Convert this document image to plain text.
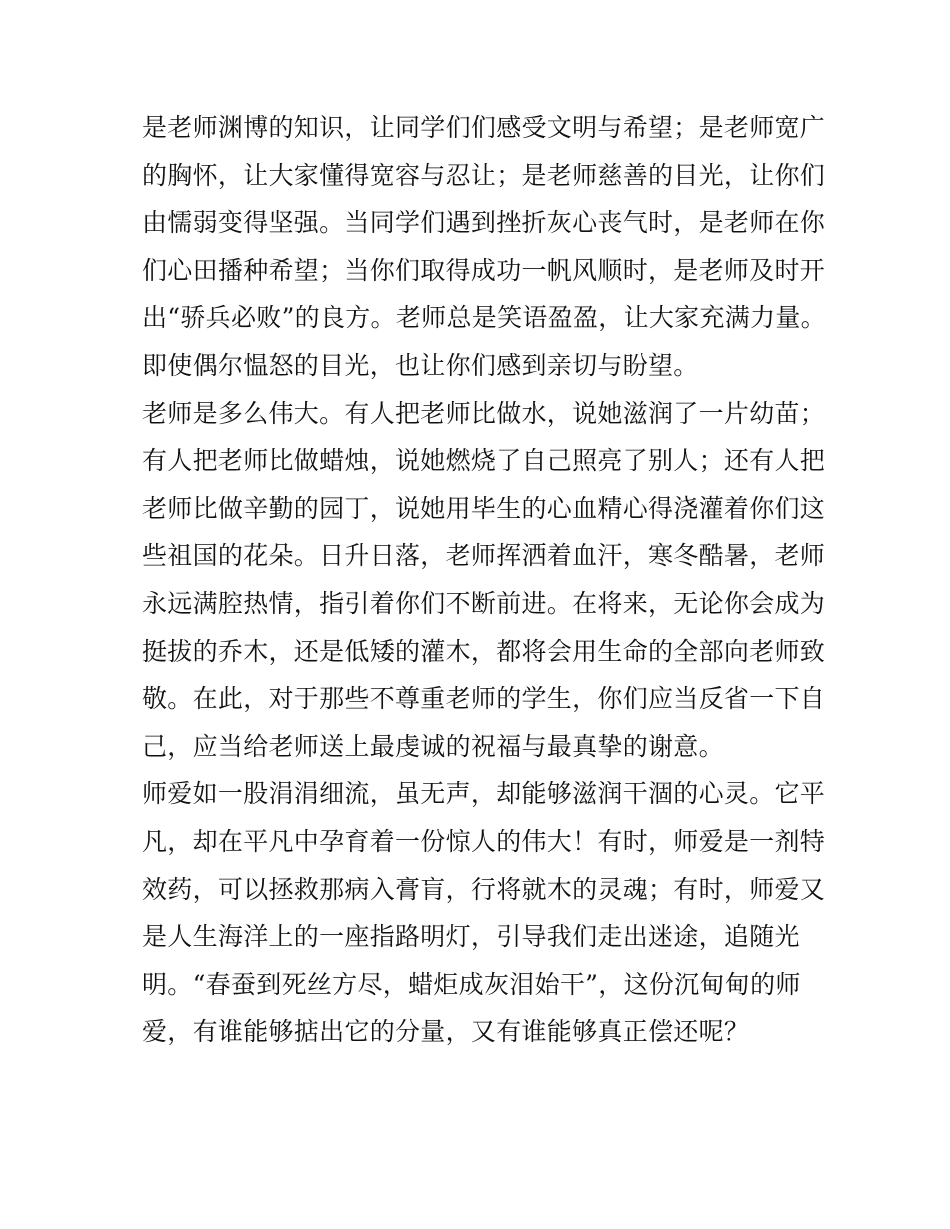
是老师渊博的知识，让同学们们感受文明与希望；是老师宽广
的胸怀，让大家懂得宽容与忍让；是老师慈善的目光，让你们
由懦弱变得坚强。当同学们遇到挫折灰心丧气时，是老师在你
们心田播种希望；当你们取得成功一帆风顺时，是老师及时开
出“骄兵必败”的良方。老师总是笑语盈盈，让大家充满力量。
即使偶尔愠怒的目光，也让你们感到亲切与盼望。
老师是多么伟大。有人把老师比做水，说她滋润了一片幼苗；
有人把老师比做蜡烛，说她燃烧了自己照亮了别人；还有人把
老师比做辛勤的园丁，说她用毕生的心血精心得浇灌着你们这
些祖国的花朵。日升日落，老师挥洒着血汗，寒冬酷暑，老师
永远满腔热情，指引着你们不断前进。在将来，无论你会成为
挺拔的乔木，还是低矮的灌木，都将会用生命的全部向老师致
敬。在此，对于那些不尊重老师的学生，你们应当反省一下自
己，应当给老师送上最虔诚的祝福与最真挚的谢意。
师爱如一股涓涓细流，虽无声，却能够滋润干涸的心灵。它平
凡，却在平凡中孕育着一份惊人的伟大！有时，师爱是一剂特
效药，可以拯救那病入膏肓，行将就木的灵魂；有时，师爱又
是人生海洋上的一座指路明灯，引导我们走出迷途，追随光
明。“春蚕到死丝方尽，蜡炬成灰泪始干”，这份沉甸甸的师
爱，有谁能够掂出它的分量，又有谁能够真正偿还呢？
